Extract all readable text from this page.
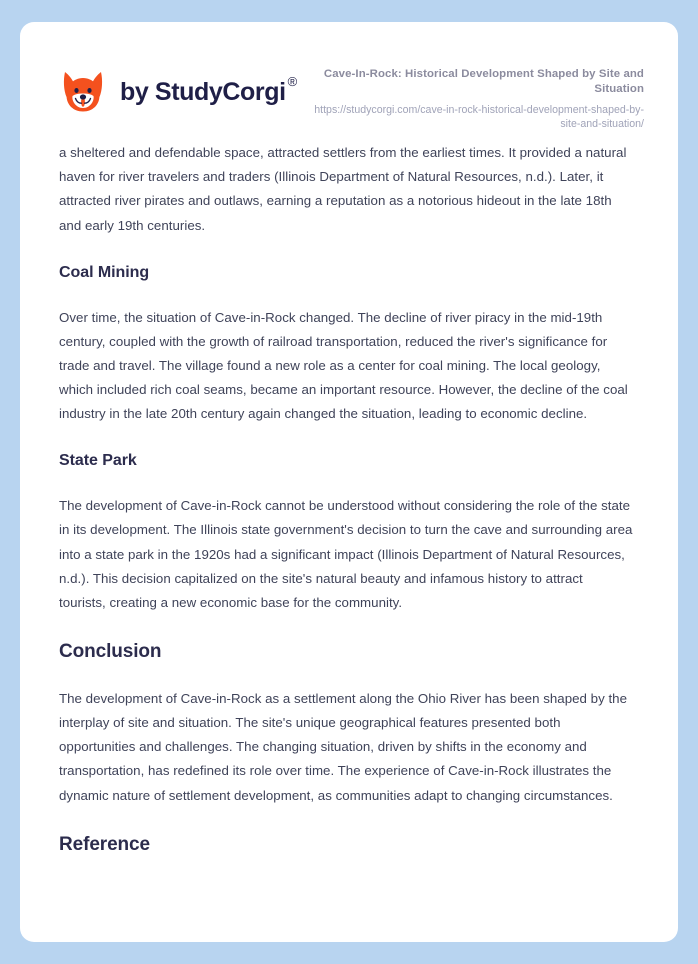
by StudyCorgi ®	Cave-In-Rock: Historical Development Shaped by Site and Situation

https://studycorgi.com/cave-in-rock-historical-development-shaped-by-site-and-situation/

a sheltered and defendable space, attracted settlers from the earliest times. It provided a natural haven for river travelers and traders (Illinois Department of Natural Resources, n.d.). Later, it attracted river pirates and outlaws, earning a reputation as a notorious hideout in the late 18th and early 19th centuries.

Coal Mining

Over time, the situation of Cave-in-Rock changed. The decline of river piracy in the mid-19th century, coupled with the growth of railroad transportation, reduced the river's significance for trade and travel. The village found a new role as a center for coal mining. The local geology, which included rich coal seams, became an important resource. However, the decline of the coal industry in the late 20th century again changed the situation, leading to economic decline.

State Park

The development of Cave-in-Rock cannot be understood without considering the role of the state in its development. The Illinois state government's decision to turn the cave and surrounding area into a state park in the 1920s had a significant impact (Illinois Department of Natural Resources, n.d.). This decision capitalized on the site's natural beauty and infamous history to attract tourists, creating a new economic base for the community.

Conclusion

The development of Cave-in-Rock as a settlement along the Ohio River has been shaped by the interplay of site and situation. The site's unique geographical features presented both opportunities and challenges. The changing situation, driven by shifts in the economy and transportation, has redefined its role over time. The experience of Cave-in-Rock illustrates the dynamic nature of settlement development, as communities adapt to changing circumstances.

Reference
